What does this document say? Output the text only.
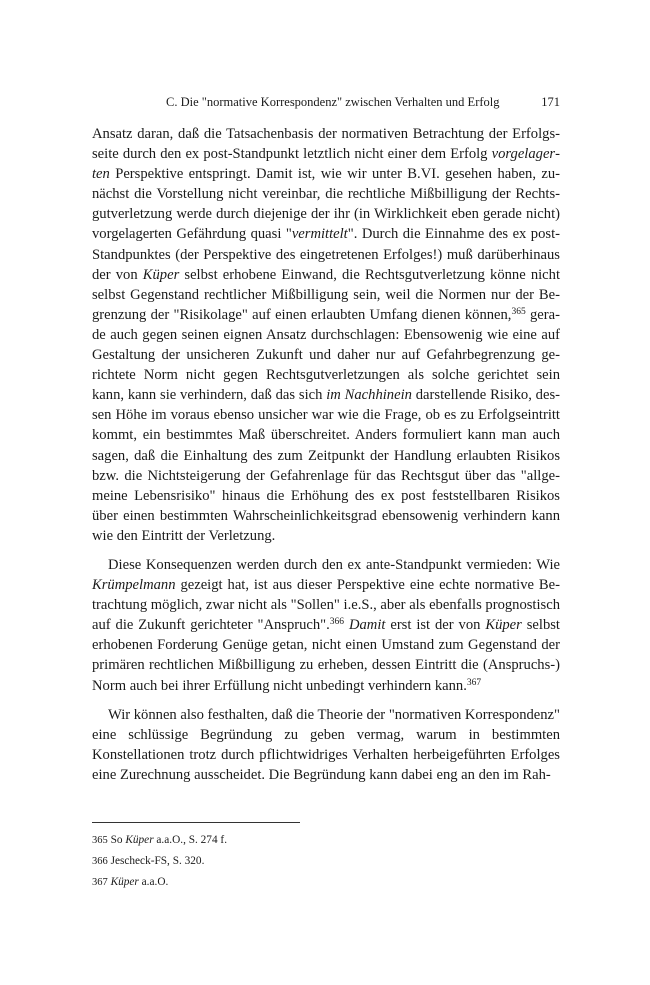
C. Die "normative Korrespondenz" zwischen Verhalten und Erfolg	171

Ansatz daran, daß die Tatsachenbasis der normativen Betrachtung der Erfolgsseite durch den ex post-Standpunkt letztlich nicht einer dem Erfolg vorgelagerten Perspektive entspringt. Damit ist, wie wir unter B.VI. gesehen haben, zunächst die Vorstellung nicht vereinbar, die rechtliche Mißbilligung der Rechtsgutverletzung werde durch diejenige der ihr (in Wirklichkeit eben gerade nicht) vorgelagerten Gefährdung quasi "vermittelt". Durch die Einnahme des ex post-Standpunktes (der Perspektive des eingetretenen Erfolges!) muß darüberhinaus der von Küper selbst erhobene Einwand, die Rechtsgutverletzung könne nicht selbst Gegenstand rechtlicher Mißbilligung sein, weil die Normen nur der Begrenzung der "Risikolage" auf einen erlaubten Umfang dienen können,$^{365}$ gerade auch gegen seinen eignen Ansatz durchschlagen: Ebensowenig wie eine auf Gestaltung der unsicheren Zukunft und daher nur auf Gefahrbegrenzung gerichtete Norm nicht gegen Rechtsgutverletzungen als solche gerichtet sein kann, kann sie verhindern, daß das sich im Nachhinein darstellende Risiko, dessen Höhe im voraus ebenso unsicher war wie die Frage, ob es zu Erfolgseintritt kommt, ein bestimmtes Maß überschreitet. Anders formuliert kann man auch sagen, daß die Einhaltung des zum Zeitpunkt der Handlung erlaubten Risikos bzw. die Nichtsteigerung der Gefahrenlage für das Rechtsgut über das "allgemeine Lebensrisiko" hinaus die Erhöhung des ex post feststellbaren Risikos über einen bestimmten Wahrscheinlichkeitsgrad ebensowenig verhindern kann wie den Eintritt der Verletzung.

Diese Konsequenzen werden durch den ex ante-Standpunkt vermieden: Wie Krümpelmann gezeigt hat, ist aus dieser Perspektive eine echte normative Betrachtung möglich, zwar nicht als "Sollen" i.e.S., aber als ebenfalls prognostisch auf die Zukunft gerichteter "Anspruch".$^{366}$ Damit erst ist der von Küper selbst erhobenen Forderung Genüge getan, nicht einen Umstand zum Gegenstand der primären rechtlichen Mißbilligung zu erheben, dessen Eintritt die (Anspruchs-) Norm auch bei ihrer Erfüllung nicht unbedingt verhindern kann.$^{367}$

Wir können also festhalten, daß die Theorie der "normativen Korrespondenz" eine schlüssige Begründung zu geben vermag, warum in bestimmten Konstellationen trotz durch pflichtwidriges Verhalten herbeigeführten Erfolges eine Zurechnung ausscheidet. Die Begründung kann dabei eng an den im Rah-

365 So Küper a.a.O., S. 274 f.
366 Jescheck-FS, S. 320.
367 Küper a.a.O.
